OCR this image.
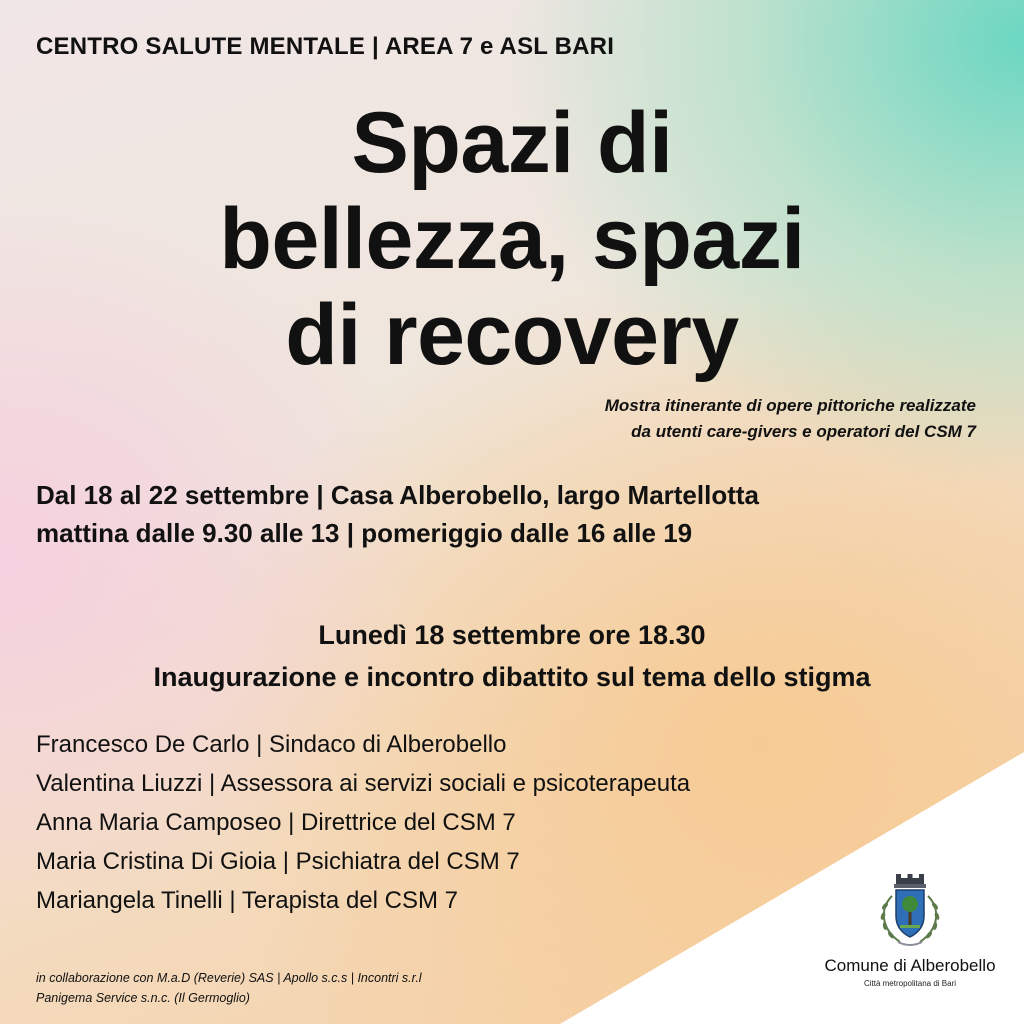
CENTRO SALUTE MENTALE | AREA 7 e ASL BARI
Spazi di
bellezza, spazi
di recovery

Mostra itinerante di opere pittoriche realizzate
da utenti care-givers e operatori del CSM 7

Dal 18 al 22 settembre | Casa Alberobello, largo Martellotta
mattina dalle 9.30 alle 13 | pomeriggio dalle 16 alle 19

Lunedì 18 settembre ore 18.30
Inaugurazione e incontro dibattito sul tema dello stigma

Francesco De Carlo | Sindaco di Alberobello
Valentina Liuzzi | Assessora ai servizi sociali e psicoterapeuta
Anna Maria Camposeo | Direttrice del CSM 7
Maria Cristina Di Gioia | Psichiatra del CSM 7
Mariangela Tinelli | Terapista del CSM 7

in collaborazione con M.a.D (Reverie) SAS | Apollo s.c.s | Incontri s.r.l
Panigema Service s.n.c. (Il Germoglio)

Comune di Alberobello
Città metropolitana di Bari
